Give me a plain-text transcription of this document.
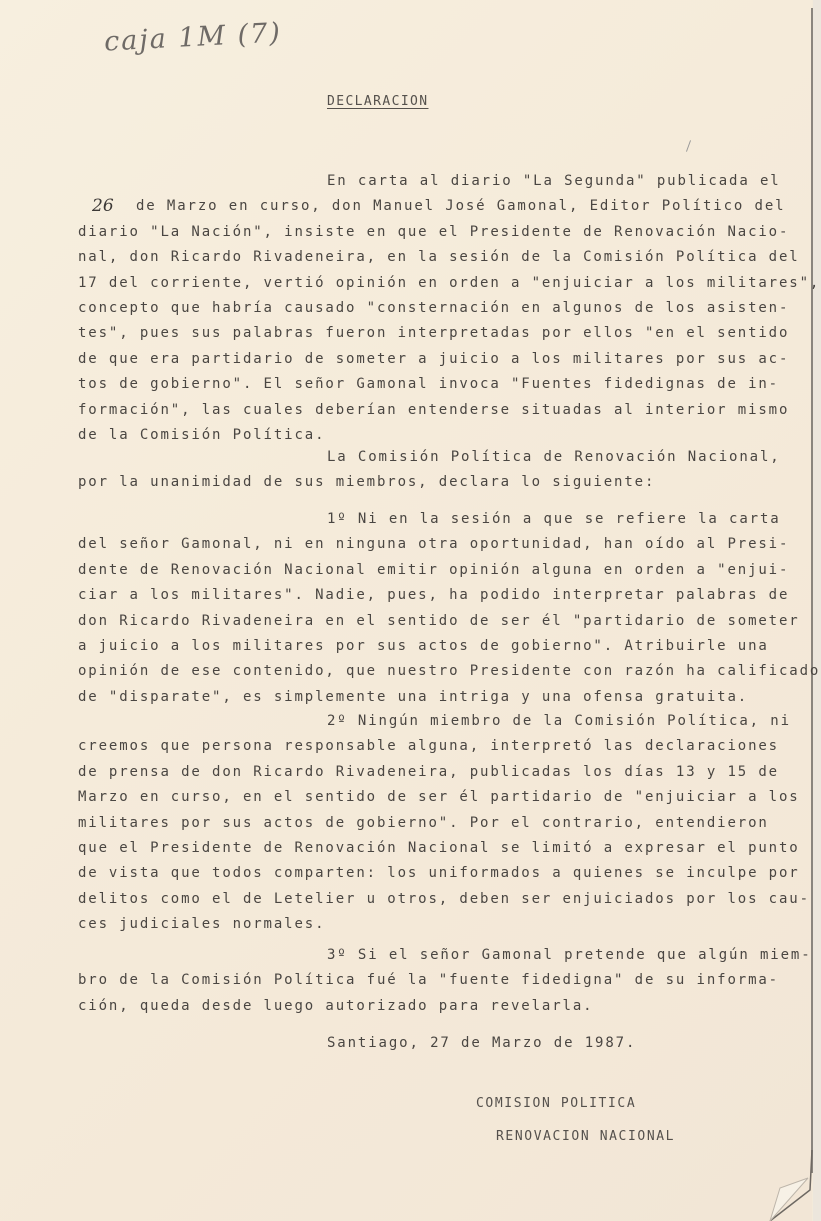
caja 1M (7)
DECLARACION
26
En carta al diario "La Segunda" publicada el
de Marzo en curso, don Manuel José Gamonal, Editor Político del
diario "La Nación", insiste en que el Presidente de Renovación Nacio-
nal, don Ricardo Rivadeneira, en la sesión de la Comisión Política del
17 del corriente, vertió opinión en orden a "enjuiciar a los militares",
concepto que habría causado "consternación en algunos de los asisten-
tes", pues sus palabras fueron interpretadas por ellos "en el sentido
de que era partidario de someter a juicio a los militares por sus ac-
tos de gobierno". El señor Gamonal invoca "Fuentes fidedignas de in-
formación", las cuales deberían entenderse situadas al interior mismo
de la Comisión Política.
La Comisión Política de Renovación Nacional,
por la unanimidad de sus miembros, declara lo siguiente:
1º Ni en la sesión a que se refiere la carta
del señor Gamonal, ni en ninguna otra oportunidad, han oído al Presi-
dente de Renovación Nacional emitir opinión alguna en orden a "enjui-
ciar a los militares". Nadie, pues, ha podido interpretar palabras de
don Ricardo Rivadeneira en el sentido de ser él "partidario de someter
a juicio a los militares por sus actos de gobierno". Atribuirle una
opinión de ese contenido, que nuestro Presidente con razón ha calificado
de "disparate", es simplemente una intriga y una ofensa gratuita.
2º Ningún miembro de la Comisión Política, ni
creemos que persona responsable alguna, interpretó las declaraciones
de prensa de don Ricardo Rivadeneira, publicadas los días 13 y 15 de
Marzo en curso, en el sentido de ser él partidario de "enjuiciar a los
militares por sus actos de gobierno". Por el contrario, entendieron
que el Presidente de Renovación Nacional se limitó a expresar el punto
de vista que todos comparten: los uniformados a quienes se inculpe por
delitos como el de Letelier u otros, deben ser enjuiciados por los cau-
ces judiciales normales.
3º Si el señor Gamonal pretende que algún miem-
bro de la Comisión Política fué la "fuente fidedigna" de su informa-
ción, queda desde luego autorizado para revelarla.
Santiago, 27 de Marzo de 1987.
COMISION POLITICA
RENOVACION NACIONAL
